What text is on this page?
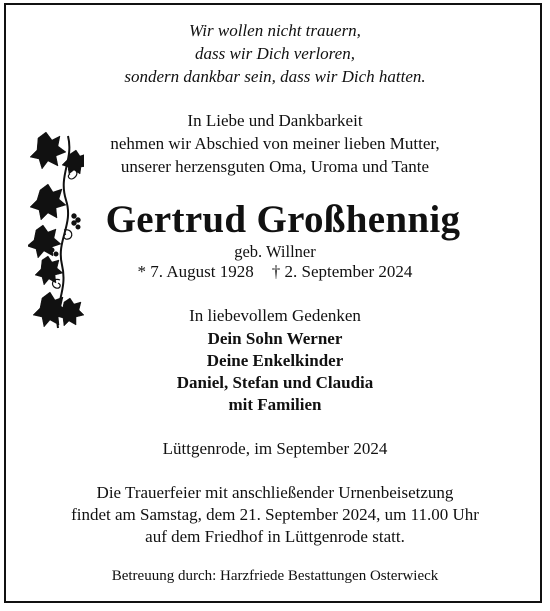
Wir wollen nicht trauern,
dass wir Dich verloren,
sondern dankbar sein, dass wir Dich hatten.
In Liebe und Dankbarkeit
nehmen wir Abschied von meiner lieben Mutter,
unserer herzensguten Oma, Uroma und Tante
Gertrud Großhennig
geb. Willner
* 7. August 1928 † 2. September 2024
In liebevollem Gedenken
Dein Sohn Werner
Deine Enkelkinder
Daniel, Stefan und Claudia
mit Familien
Lüttgenrode, im September 2024
Die Trauerfeier mit anschließender Urnenbeisetzung
findet am Samstag, dem 21. September 2024, um 11.00 Uhr
auf dem Friedhof in Lüttgenrode statt.
Betreuung durch: Harzfriede Bestattungen Osterwieck
